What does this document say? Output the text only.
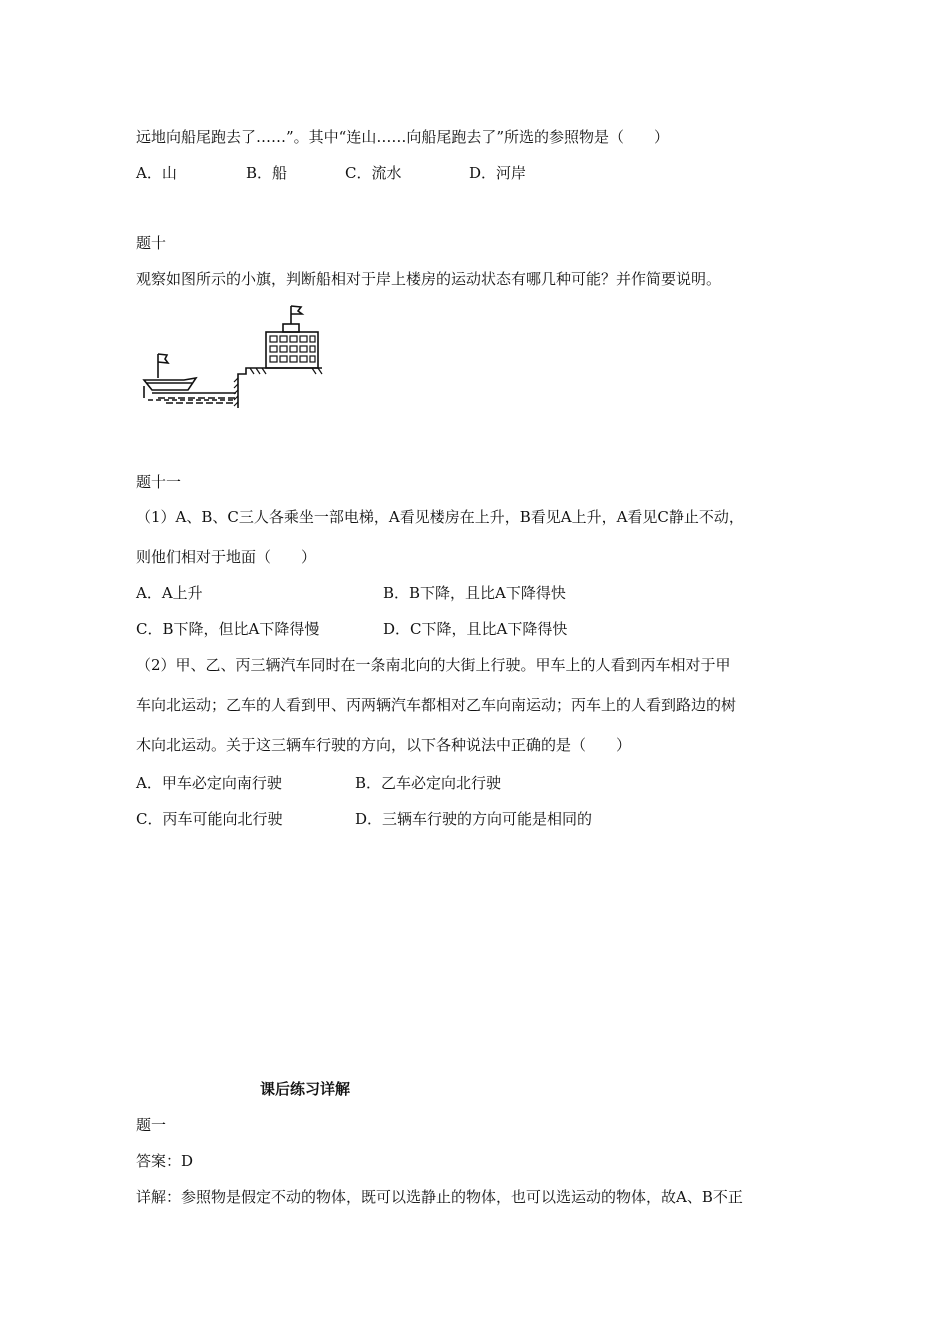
远地向船尾跑去了……”。其中“连山……向船尾跑去了”所选的参照物是（　　）
A．山	B．船	C．流水	D．河岸
题十
观察如图所示的小旗，判断船相对于岸上楼房的运动状态有哪几种可能？并作简要说明。
题十一
（1）A、B、C三人各乘坐一部电梯，A看见楼房在上升，B看见A上升，A看见C静止不动，
则他们相对于地面（　　）
A．A上升	B．B下降，且比A下降得快
C．B下降，但比A下降得慢	D．C下降，且比A下降得快
（2）甲、乙、丙三辆汽车同时在一条南北向的大街上行驶。甲车上的人看到丙车相对于甲
车向北运动；乙车的人看到甲、丙两辆汽车都相对乙车向南运动；丙车上的人看到路边的树
木向北运动。关于这三辆车行驶的方向，以下各种说法中正确的是（　　）
A．甲车必定向南行驶	B．乙车必定向北行驶
C．丙车可能向北行驶	D．三辆车行驶的方向可能是相同的
课后练习详解
题一
答案：D
详解：参照物是假定不动的物体，既可以选静止的物体，也可以选运动的物体，故A、B不正
